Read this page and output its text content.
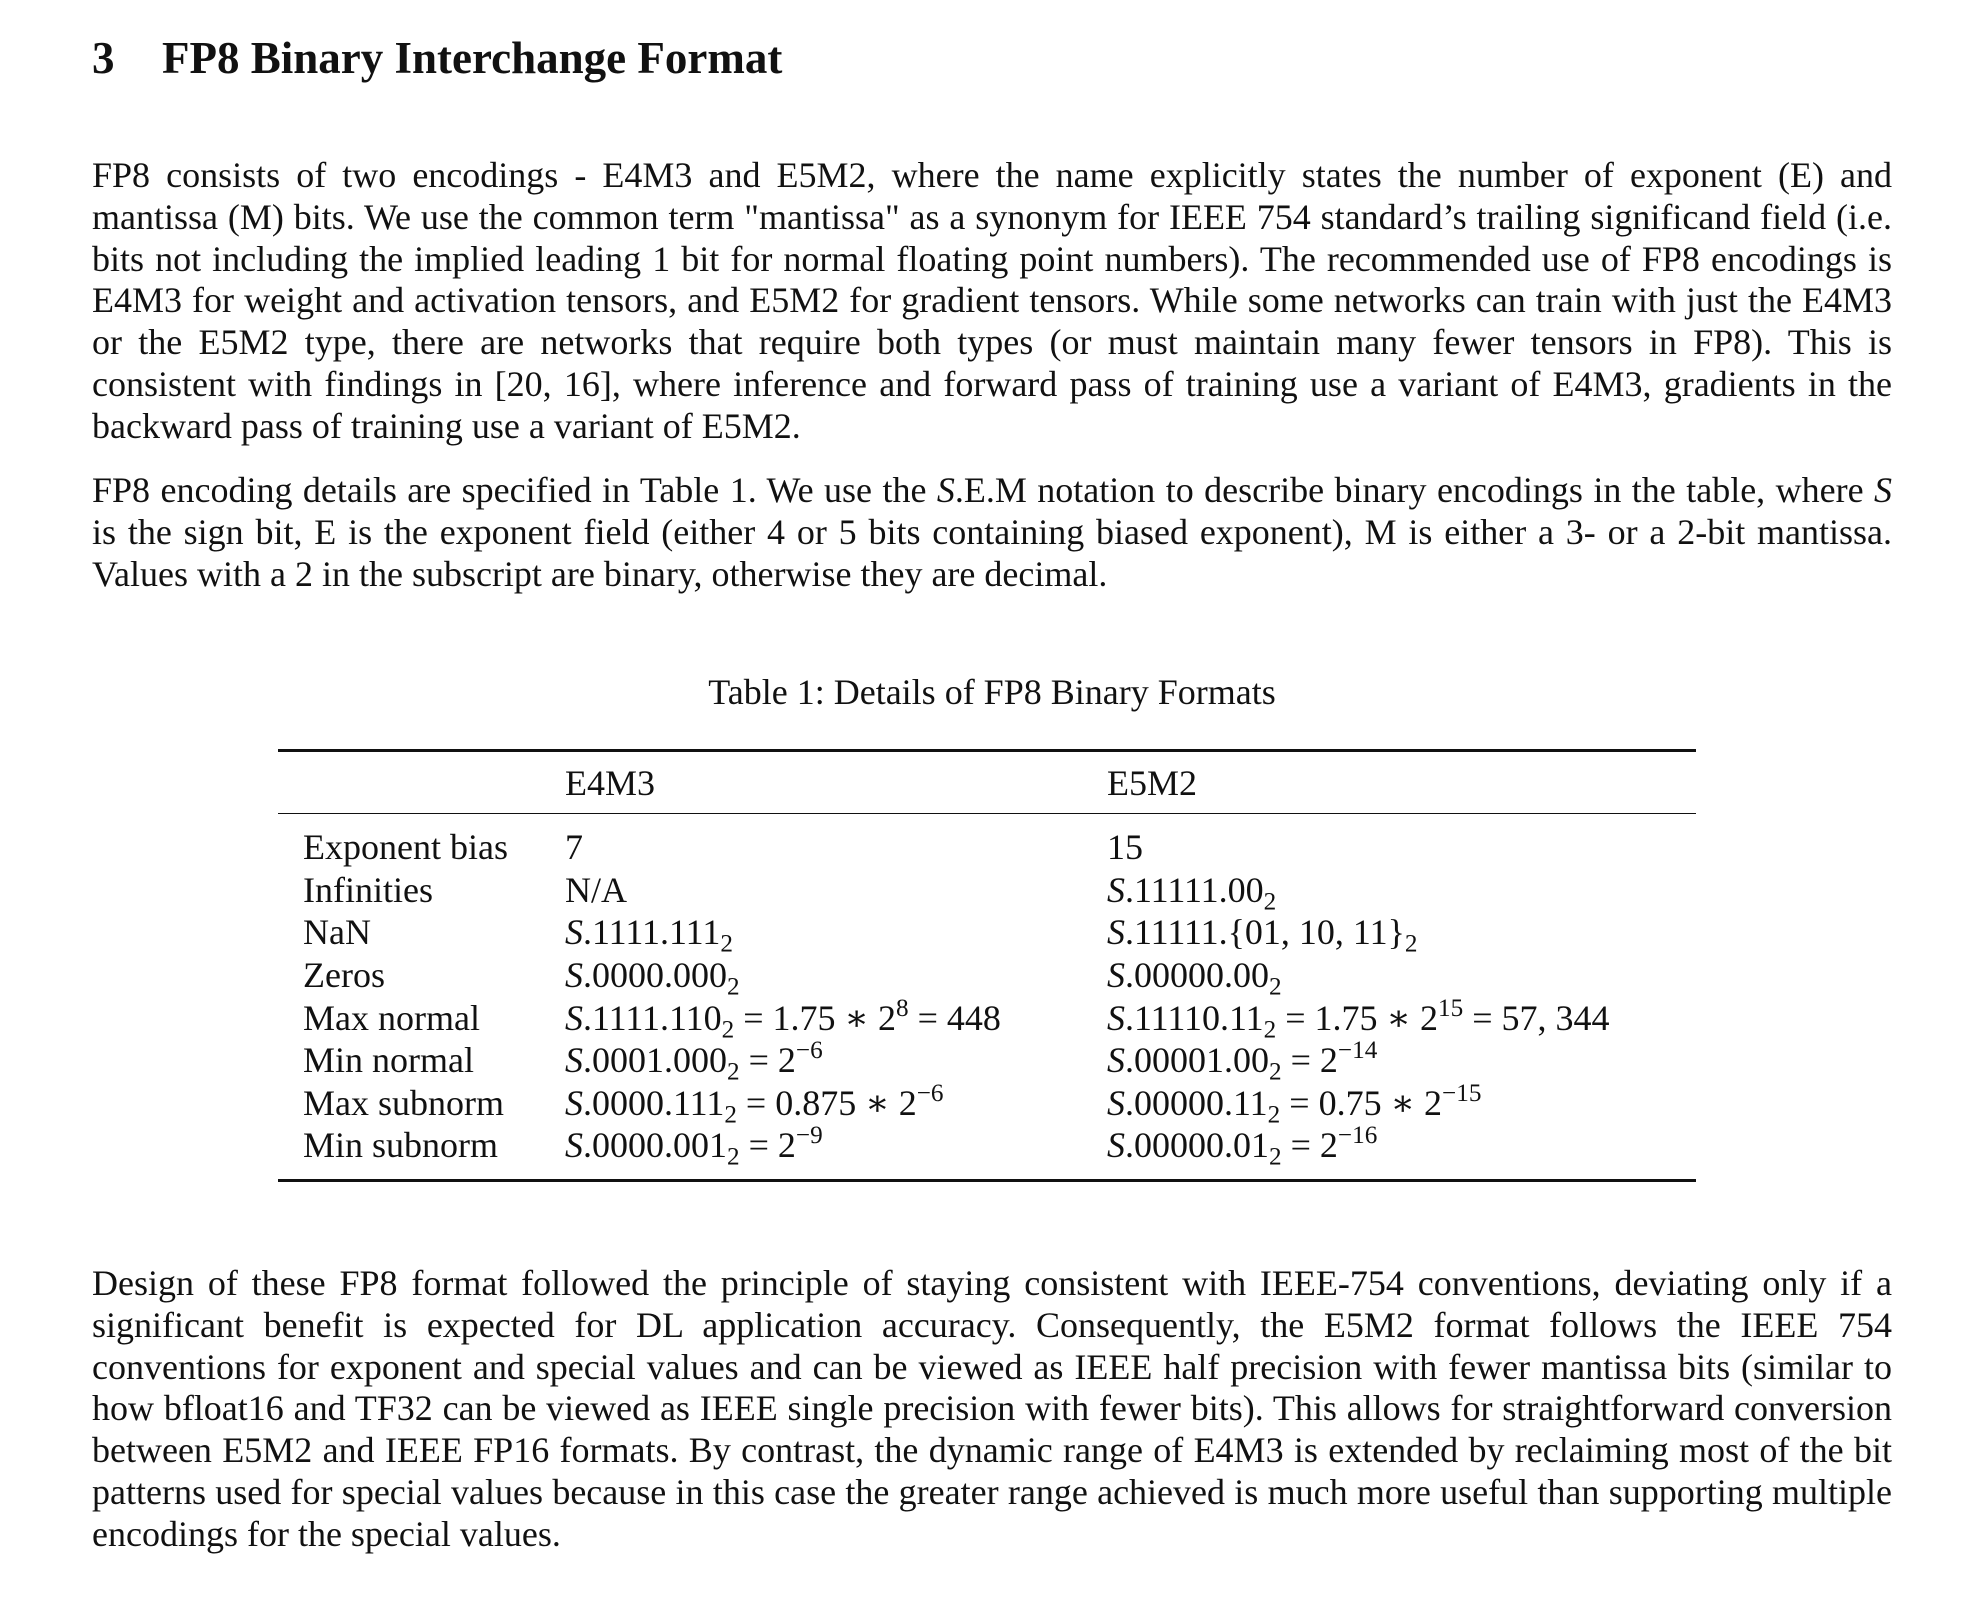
3 FP8 Binary Interchange Format

FP8 consists of two encodings - E4M3 and E5M2, where the name explicitly states the number of exponent (E) and mantissa (M) bits. We use the common term "mantissa" as a synonym for IEEE 754 standard’s trailing significand field (i.e. bits not including the implied leading 1 bit for normal floating point numbers). The recommended use of FP8 encodings is E4M3 for weight and activation tensors, and E5M2 for gradient tensors. While some networks can train with just the E4M3 or the E5M2 type, there are networks that require both types (or must maintain many fewer tensors in FP8). This is consistent with findings in [20, 16], where inference and forward pass of training use a variant of E4M3, gradients in the backward pass of training use a variant of E5M2.

FP8 encoding details are specified in Table 1. We use the S.E.M notation to describe binary encodings in the table, where S is the sign bit, E is the exponent field (either 4 or 5 bits containing biased exponent), M is either a 3- or a 2-bit mantissa. Values with a 2 in the subscript are binary, otherwise they are decimal.

Table 1: Details of FP8 Binary Formats

	E4M3	E5M2
Exponent bias	7	15
Infinities	N/A	$S.11111.00_2$
NaN	$S.1111.111_2$	S.11111.{01, 10, $11\}_2$
Zeros	$S.0000.000_2$	$S.00000.00_2$
Max normal	$S.1111.110_2 = 1.75$ ∗ $2^8 = 448$	$S.11110.11_2 = 1.75$ ∗ $2^{15} = 57$, 344
Min normal	$S.0001.000_2 = 2^{-6}$	$S.00001.00_2 = 2^{-14}$
Max subnorm	$S.0000.111_2 = 0.875$ ∗ $2^{-6}$	$S.00000.11_2 = 0.75$ ∗ $2^{-15}$
Min subnorm	$S.0000.001_2 = 2^{-9}$	$S.00000.01_2 = 2^{-16}$

Design of these FP8 format followed the principle of staying consistent with IEEE-754 conventions, deviating only if a significant benefit is expected for DL application accuracy. Consequently, the E5M2 format follows the IEEE 754 conventions for exponent and special values and can be viewed as IEEE half precision with fewer mantissa bits (similar to how bfloat16 and TF32 can be viewed as IEEE single precision with fewer bits). This allows for straightforward conversion between E5M2 and IEEE FP16 formats. By contrast, the dynamic range of E4M3 is extended by reclaiming most of the bit patterns used for special values because in this case the greater range achieved is much more useful than supporting multiple encodings for the special values.
